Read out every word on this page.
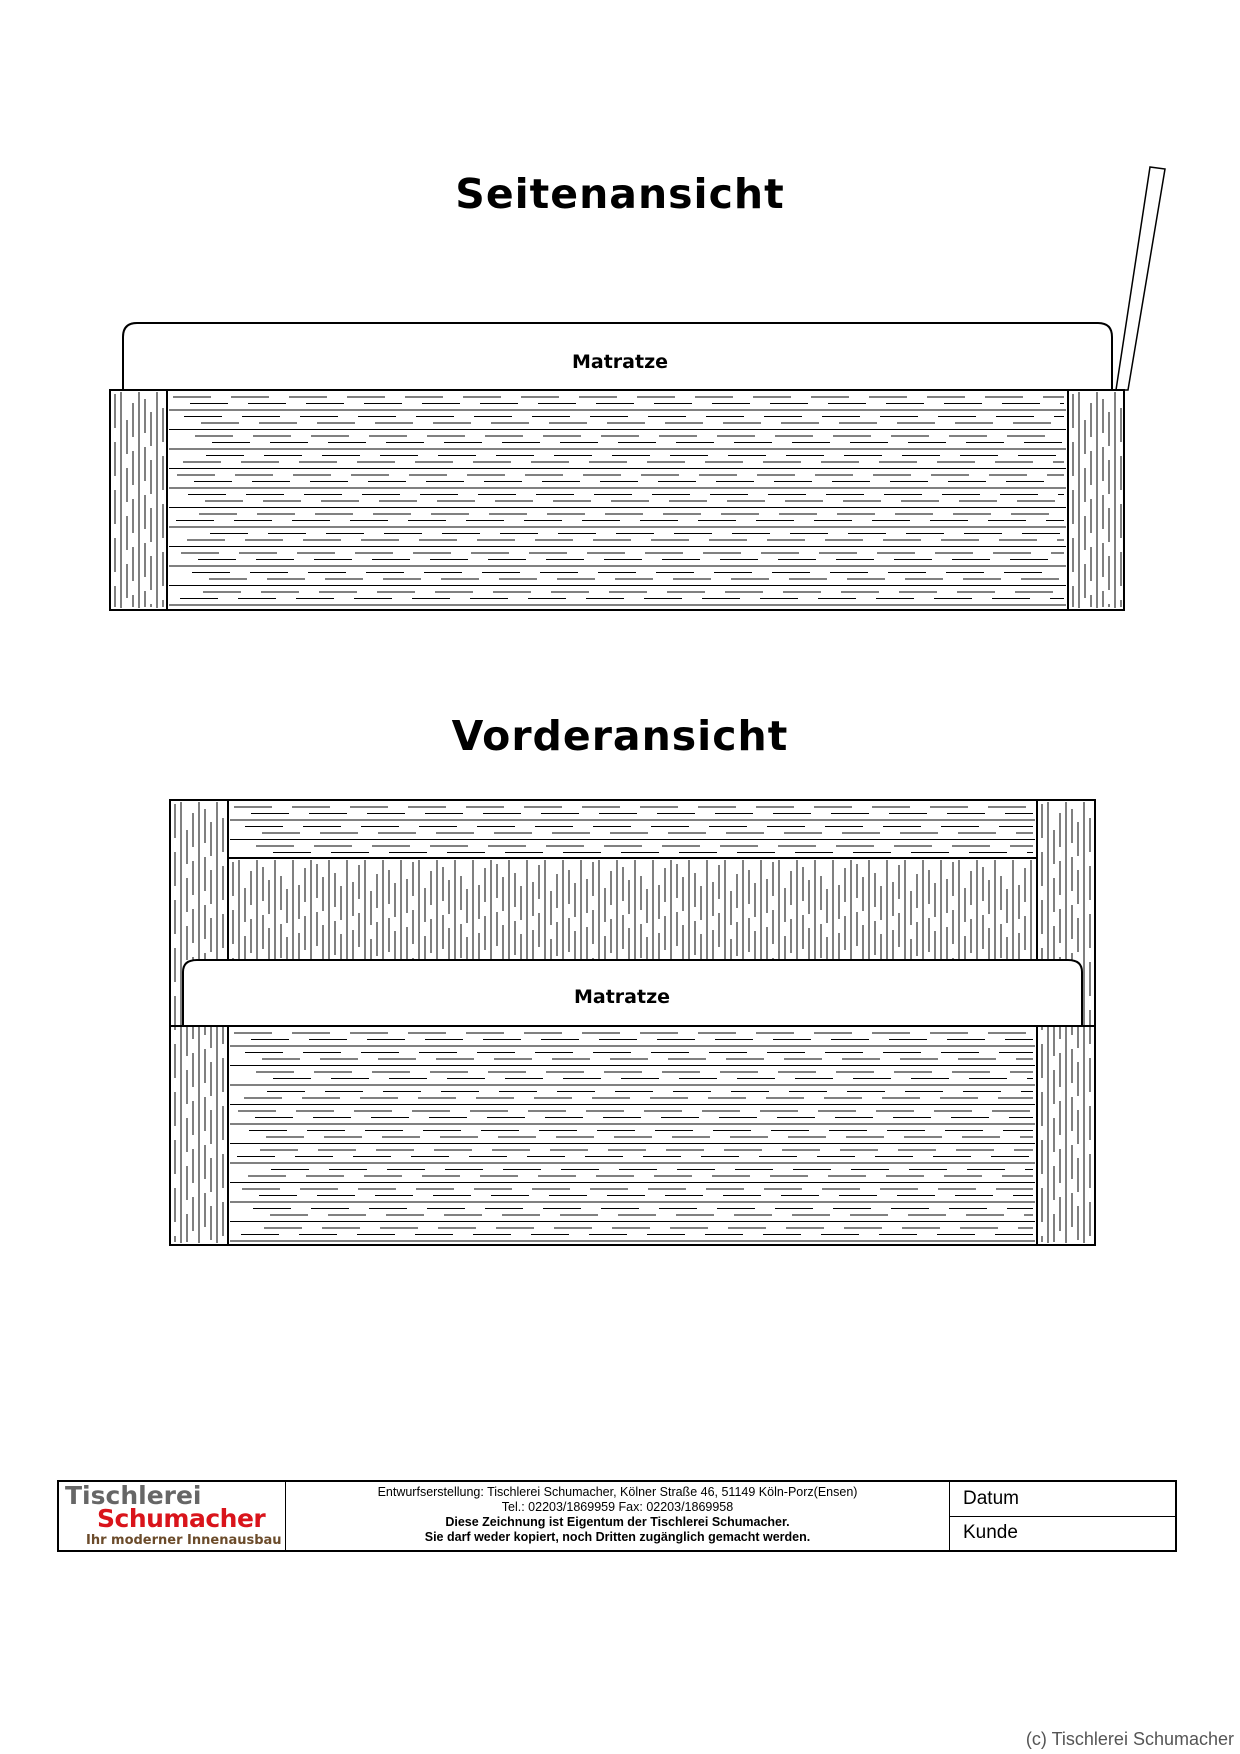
Seitenansicht
Vorderansicht
Matratze
Matratze
Tischlerei
Schumacher
Ihr moderner Innenausbau
Entwurfserstellung: Tischlerei Schumacher, Kölner Straße 46, 51149 Köln-Porz(Ensen)
Tel.: 02203/1869959 Fax: 02203/1869958
Diese Zeichnung ist Eigentum der Tischlerei Schumacher.
Sie darf weder kopiert, noch Dritten zugänglich gemacht werden.
Datum
Kunde
(c) Tischlerei Schumacher
